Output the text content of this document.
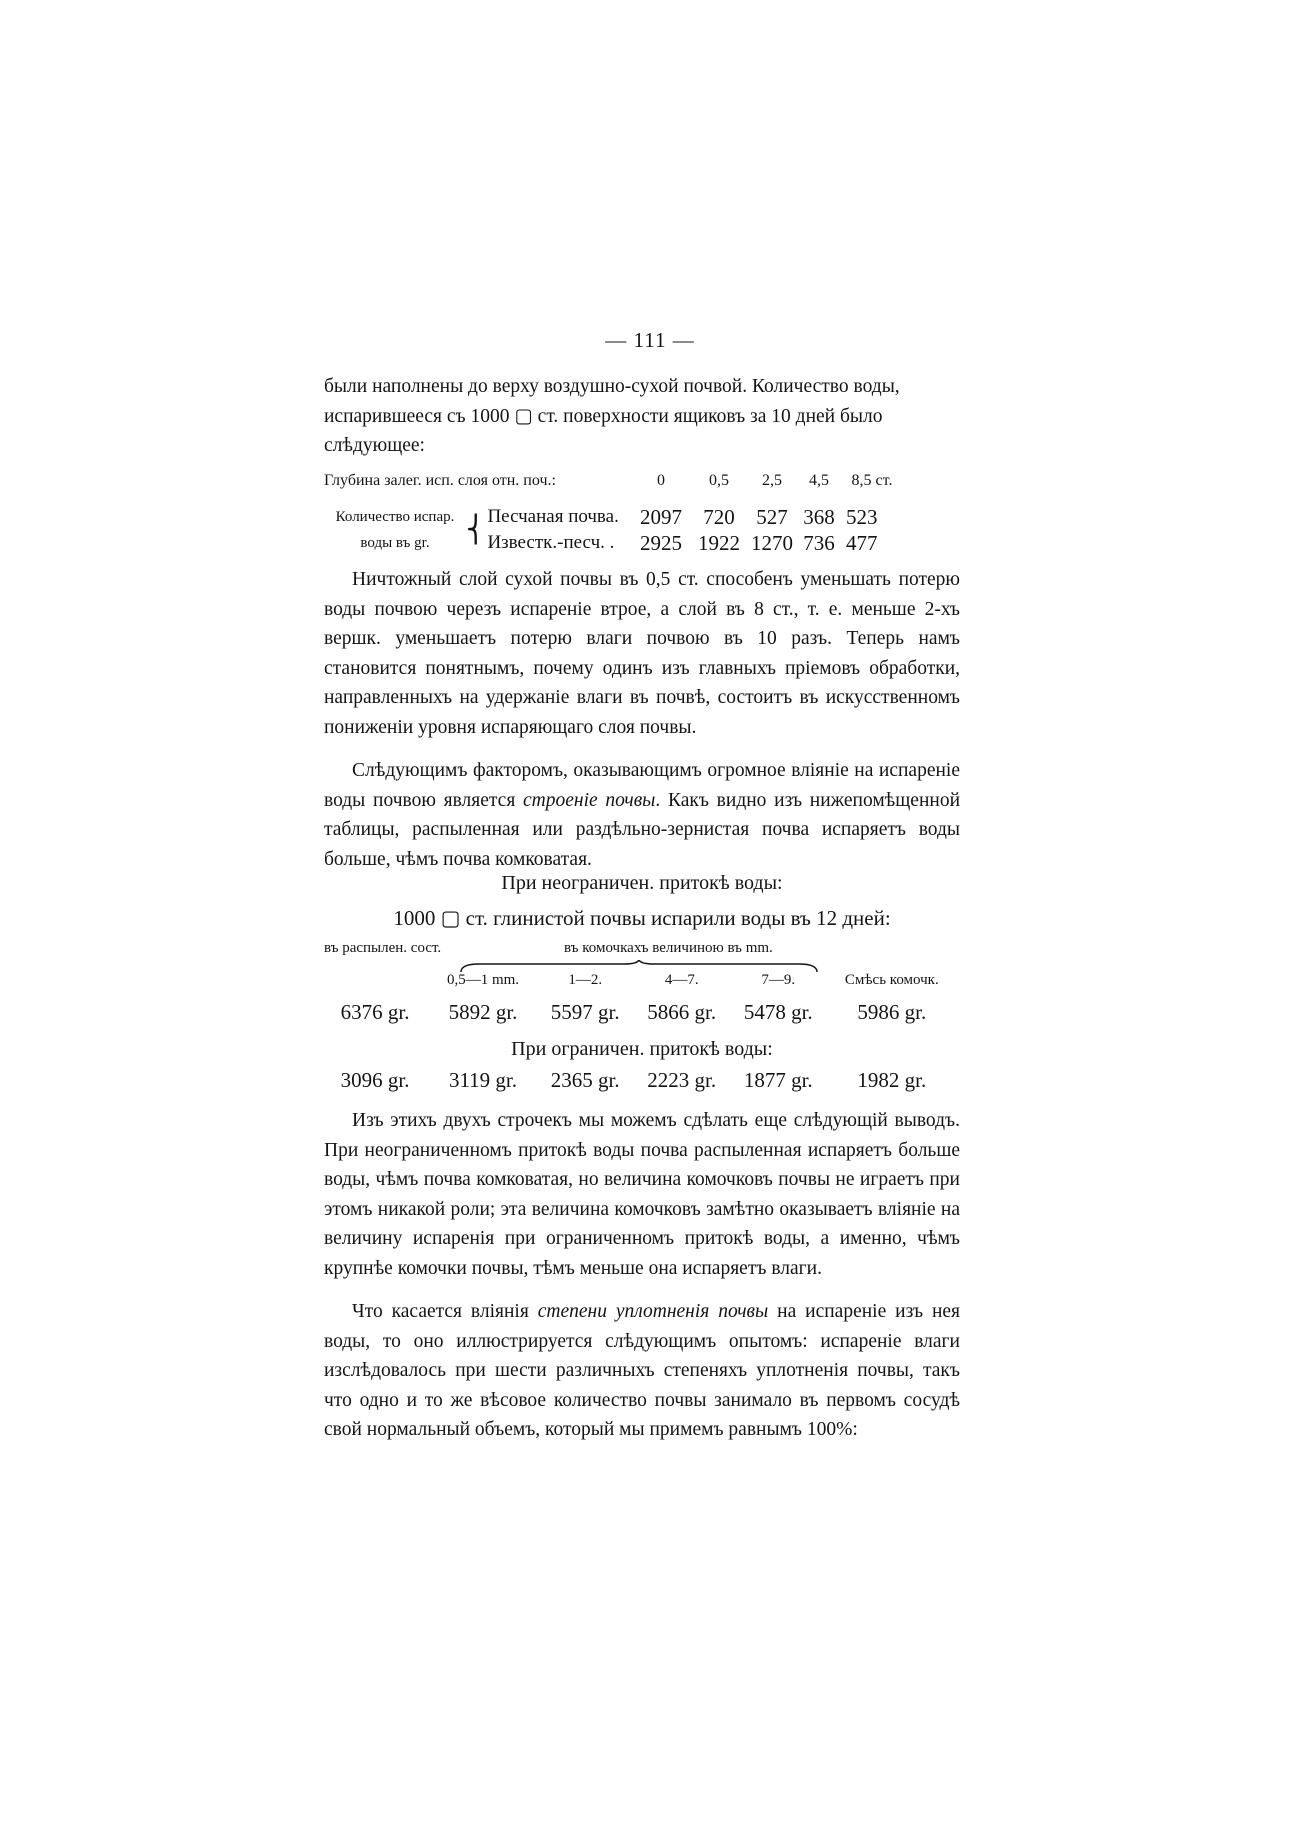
— 111 —

были наполнены до верху воздушно-сухой почвой. Количество воды,

испарившееся съ 1000 ▢ ст. поверхности ящиковъ за 10 дней было

слѣдующее:

Глубина залег. исп. слоя отн. поч.:			0	0,5	2,5	4,5	8,5 ст.

Количество испар.
воды въ gr.	⎨	Песчаная почва.	2097	720	527	368	523
		Известк.-песч. .	2925	1922	1270	736	477

Ничтожный слой сухой почвы въ 0,5 ст. способенъ уменьшать потерю воды почвою черезъ испареніе втрое, а слой въ 8 ст., т. е. меньше 2-хъ вершк. уменьшаетъ потерю влаги почвою въ 10 разъ. Теперь намъ становится понятнымъ, почему одинъ изъ главныхъ пріемовъ обработки, направленныхъ на удержаніе влаги въ почвѣ, состоитъ въ искусственномъ пониженіи уровня испаряющаго слоя почвы.

Слѣдующимъ факторомъ, оказывающимъ огромное вліяніе на испареніе воды почвою является строеніе почвы. Какъ видно изъ нижепомѣщенной таблицы, распыленная или раздѣльно-зернистая почва испаряетъ воды больше, чѣмъ почва комковатая.

При неограничен. притокѣ воды:
1000 ▢ ст. глинистой почвы испарили воды въ 12 дней:
въ распылен. сост.	въ комочкахъ величиною въ mm.
	0,5—1 mm.	1—2.	4—7.	7—9.	Смѣсь комочк.
6376 gr.	5892 gr.	5597 gr.	5866 gr.	5478 gr.	5986 gr.
При ограничен. притокѣ воды:
3096 gr.	3119 gr.	2365 gr.	2223 gr.	1877 gr.	1982 gr.

Изъ этихъ двухъ строчекъ мы можемъ сдѣлать еще слѣдующій выводъ. При неограниченномъ притокѣ воды почва распыленная испаряетъ больше воды, чѣмъ почва комковатая, но величина комочковъ почвы не играетъ при этомъ никакой роли; эта величина комочковъ замѣтно оказываетъ вліяніе на величину испаренія при ограниченномъ притокѣ воды, а именно, чѣмъ крупнѣе комочки почвы, тѣмъ меньше она испаряетъ влаги.

Что касается вліянія степени уплотненія почвы на испареніе изъ нея воды, то оно иллюстрируется слѣдующимъ опытомъ: испареніе влаги изслѣдовалось при шести различныхъ степеняхъ уплотненія почвы, такъ что одно и то же вѣсовое количество почвы занимало въ первомъ сосудѣ свой нормальный объемъ, который мы примемъ равнымъ 100%:
